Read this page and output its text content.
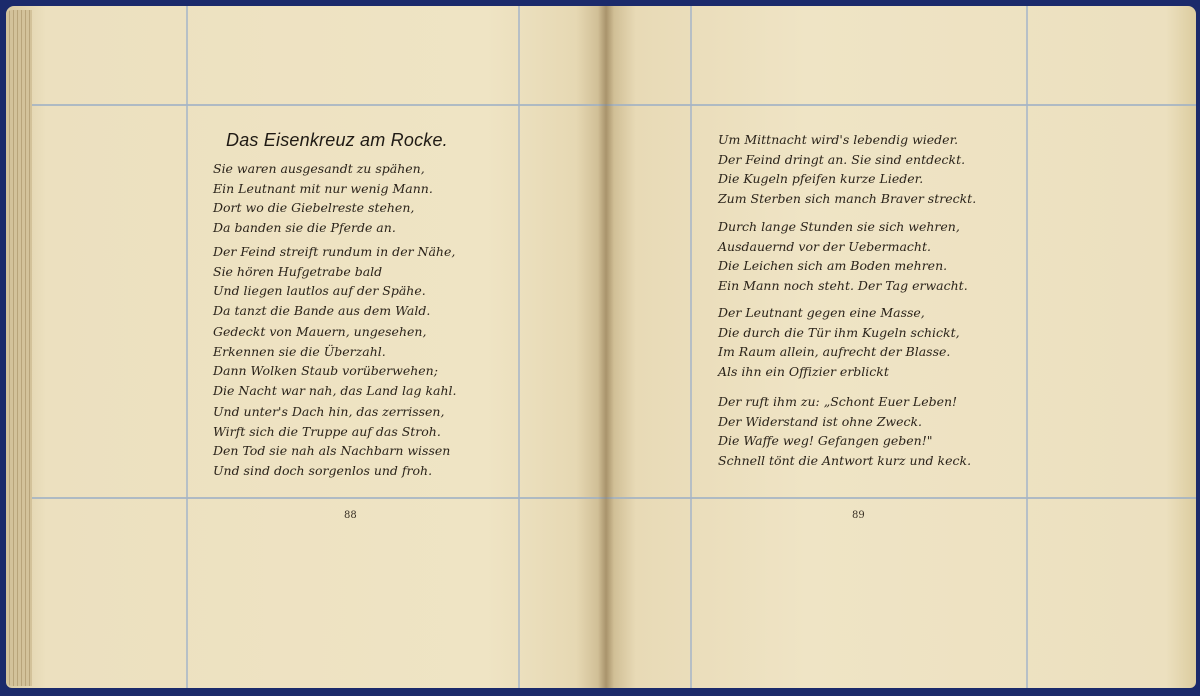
Das Eisenkreuz am Rocke.
Sie waren ausgesandt zu spähen,
Ein Leutnant mit nur wenig Mann.
Dort wo die Giebelreste stehen,
Da banden sie die Pferde an.
Der Feind streift rundum in der Nähe,
Sie hören Hufgetrabe bald
Und liegen lautlos auf der Spähe.
Da tanzt die Bande aus dem Wald.
Gedeckt von Mauern, ungesehen,
Erkennen sie die Überzahl.
Dann Wolken Staub vorüberwehen;
Die Nacht war nah, das Land lag kahl.
Und unter's Dach hin, das zerrissen,
Wirft sich die Truppe auf das Stroh.
Den Tod sie nah als Nachbarn wissen
Und sind doch sorgenlos und froh.
88
Um Mittnacht wird's lebendig wieder.
Der Feind dringt an. Sie sind entdeckt.
Die Kugeln pfeifen kurze Lieder.
Zum Sterben sich manch Braver streckt.
Durch lange Stunden sie sich wehren,
Ausdauernd vor der Uebermacht.
Die Leichen sich am Boden mehren.
Ein Mann noch steht. Der Tag erwacht.
Der Leutnant gegen eine Masse,
Die durch die Tür ihm Kugeln schickt,
Im Raum allein, aufrecht der Blasse.
Als ihn ein Offizier erblickt
Der ruft ihm zu: „Schont Euer Leben!
Der Widerstand ist ohne Zweck.
Die Waffe weg! Gefangen geben!"
Schnell tönt die Antwort kurz und keck.
89
